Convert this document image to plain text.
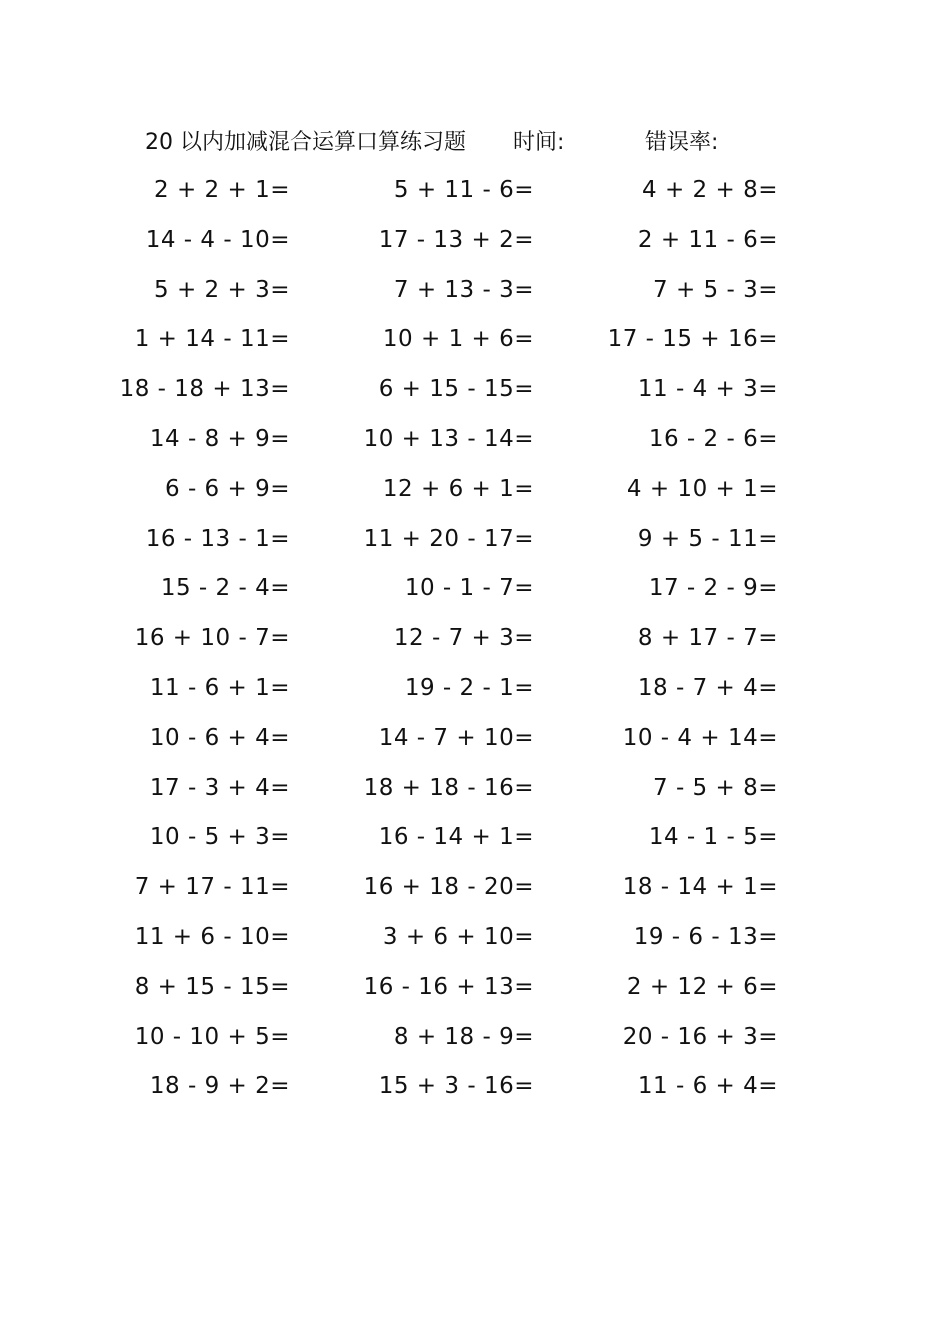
20 以内加减混合运算口算练习题 时间:	错误率:
2 + 2 + 1=	5 + 11 - 6=	4 + 2 + 8=
14 - 4 - 10=	17 - 13 + 2=	2 + 11 - 6=
5 + 2 + 3=	7 + 13 - 3=	7 + 5 - 3=
1 + 14 - 11=	10 + 1 + 6=	17 - 15 + 16=
18 - 18 + 13=	6 + 15 - 15=	11 - 4 + 3=
14 - 8 + 9=	10 + 13 - 14=	16 - 2 - 6=
6 - 6 + 9=	12 + 6 + 1=	4 + 10 + 1=
16 - 13 - 1=	11 + 20 - 17=	9 + 5 - 11=
15 - 2 - 4=	10 - 1 - 7=	17 - 2 - 9=
16 + 10 - 7=	12 - 7 + 3=	8 + 17 - 7=
11 - 6 + 1=	19 - 2 - 1=	18 - 7 + 4=
10 - 6 + 4=	14 - 7 + 10=	10 - 4 + 14=
17 - 3 + 4=	18 + 18 - 16=	7 - 5 + 8=
10 - 5 + 3=	16 - 14 + 1=	14 - 1 - 5=
7 + 17 - 11=	16 + 18 - 20=	18 - 14 + 1=
11 + 6 - 10=	3 + 6 + 10=	19 - 6 - 13=
8 + 15 - 15=	16 - 16 + 13=	2 + 12 + 6=
10 - 10 + 5=	8 + 18 - 9=	20 - 16 + 3=
18 - 9 + 2=	15 + 3 - 16=	11 - 6 + 4=
